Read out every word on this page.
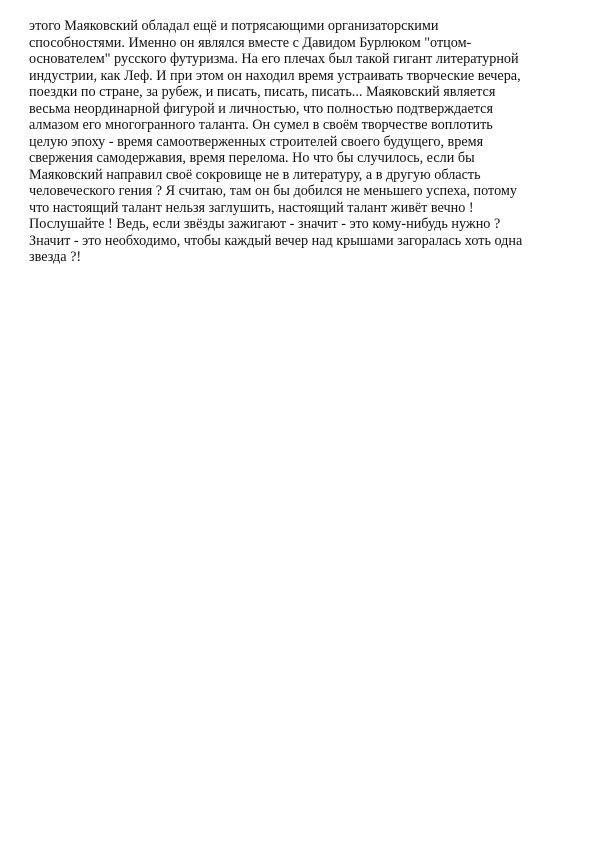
этого Маяковский обладал ещё и потрясающими организаторскими
способностями. Именно он являлся вместе с Давидом Бурлюком "отцом-
основателем" русского футуризма. На его плечах был такой гигант литературной
индустрии, как Леф. И при этом он находил время устраивать творческие вечера,
поездки по стране, за рубеж, и писать, писать, писать... Маяковский является
весьма неординарной фигурой и личностью, что полностью подтверждается
алмазом его многогранного таланта. Он сумел в своём творчестве воплотить
целую эпоху - время самоотверженных строителей своего будущего, время
свержения самодержавия, время перелома. Но что бы случилось, если бы
Маяковский направил своё сокровище не в литературу, а в другую область
человеческого гения ? Я считаю, там он бы добился не меньшего успеха, потому
что настоящий талант нельзя заглушить, настоящий талант живёт вечно !
Послушайте ! Ведь, если звёзды зажигают - значит - это кому-нибудь нужно ?
Значит - это необходимо, чтобы каждый вечер над крышами загоралась хоть одна
звезда ?!
